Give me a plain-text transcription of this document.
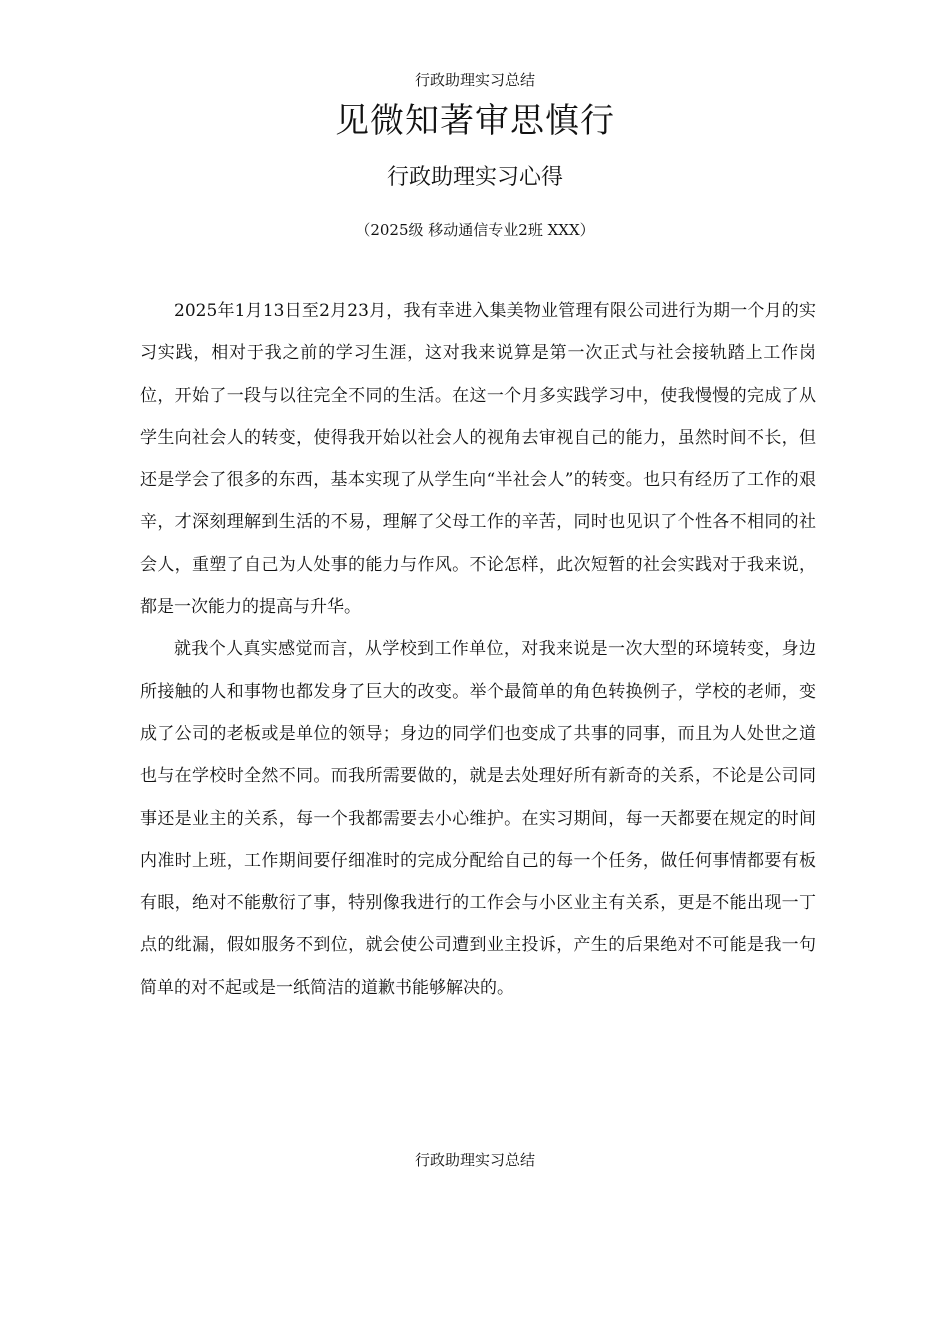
行政助理实习总结
见微知著审思慎行
行政助理实习心得
（2025级 移动通信专业2班 XXX）

2025年1月13日至2月23月，我有幸进入集美物业管理有限公司进行为期一个月的实习实践，相对于我之前的学习生涯，这对我来说算是第一次正式与社会接轨踏上工作岗位，开始了一段与以往完全不同的生活。在这一个月多实践学习中，使我慢慢的完成了从学生向社会人的转变，使得我开始以社会人的视角去审视自己的能力，虽然时间不长，但还是学会了很多的东西，基本实现了从学生向“半社会人”的转变。也只有经历了工作的艰辛，才深刻理解到生活的不易，理解了父母工作的辛苦，同时也见识了个性各不相同的社会人，重塑了自己为人处事的能力与作风。不论怎样，此次短暂的社会实践对于我来说，都是一次能力的提高与升华。

就我个人真实感觉而言，从学校到工作单位，对我来说是一次大型的环境转变，身边所接触的人和事物也都发身了巨大的改变。举个最简单的角色转换例子，学校的老师，变成了公司的老板或是单位的领导；身边的同学们也变成了共事的同事，而且为人处世之道也与在学校时全然不同。而我所需要做的，就是去处理好所有新奇的关系，不论是公司同事还是业主的关系，每一个我都需要去小心维护。在实习期间，每一天都要在规定的时间内准时上班，工作期间要仔细准时的完成分配给自己的每一个任务，做任何事情都要有板有眼，绝对不能敷衍了事，特别像我进行的工作会与小区业主有关系，更是不能出现一丁点的纰漏，假如服务不到位，就会使公司遭到业主投诉，产生的后果绝对不可能是我一句简单的对不起或是一纸简洁的道歉书能够解决的。

行政助理实习总结
